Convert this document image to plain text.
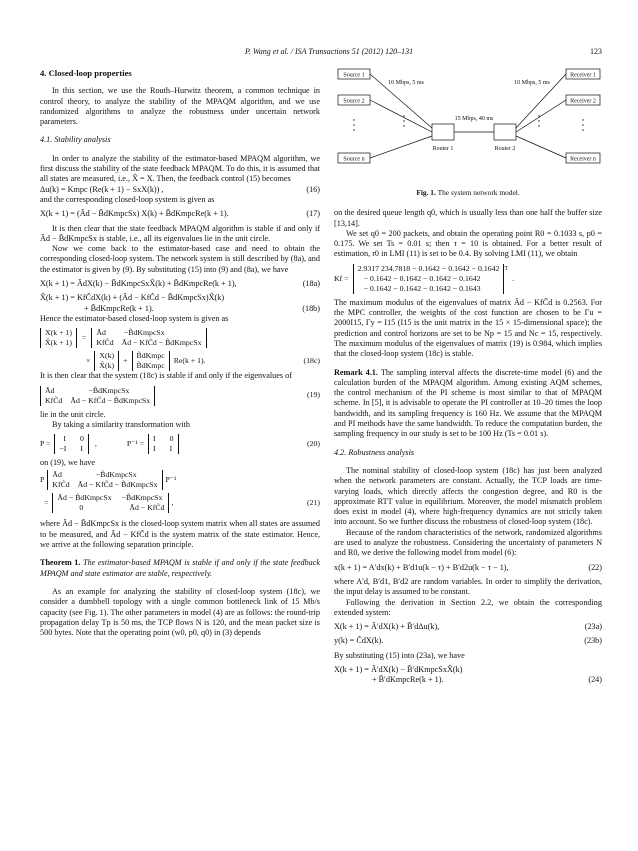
P. Wang et al. / ISA Transactions 51 (2012) 120–131	123
4. Closed-loop properties

In this section, we use the Routh–Hurwitz theorem, a common technique in control theory, to analyze the stability of the MPAQM algorithm, and we use randomized algorithms to analyze the robustness under uncertain network parameters.

4.1. Stability analysis

In order to analyze the stability of the estimator-based MPAQM algorithm, we first discuss the stability of the state feedback MPAQM. To do this, it is assumed that all states are measured, i.e., X̂ = X. Then, the feedback control (15) becomes

Δu(k) = Kmpc (Re(k + 1) − SxX(k)) ,	(16)

and the corresponding closed-loop system is given as

X(k + 1) = (Ãd − B̃dKmpcSx) X(k) + B̃dKmpcRe(k + 1).	(17)

It is then clear that the state feedback MPAQM algorithm is stable if and only if Ãd − B̃dKmpcSx is stable, i.e., all its eigenvalues lie in the unit circle.

Now we come back to the estimator-based case and need to obtain the corresponding closed-loop system. The network system is still described by (8a), and the estimator is given by (9). By substituting (15) into (9) and (8a), we have

X(k + 1) = ÃdX(k) − B̃dKmpcSxX̂(k) + B̃dKmpcRe(k + 1),	(18a)
X̂(k + 1) = KfC̃dX(k) + (Ãd − KfC̃d − B̃dKmpcSx)X̂(k)
+ B̃dKmpcRe(k + 1).	(18b)

Hence the estimator-based closed-loop system is given as

X(k + 1)
X̂(k + 1)
=
Ãd −B̃dKmpcSx
KfC̃d Ãd − KfC̃d − B̃dKmpcSx
×
X(k)
X̂(k)
+
B̃dKmpc
B̃dKmpc
Re(k + 1).	(18c)

It is then clear that the system (18c) is stable if and only if the eigenvalues of

Ãd	−B̃dKmpcSx
KfC̃d Ãd − KfC̃d − B̃dKmpcSx
(19)

lie in the unit circle.

By taking a similarity transformation with

P =
I 0
−I I
,	P⁻¹ =
I 0
I I
(20)

on (19), we have

P
Ãd	−B̃dKmpcSx
KfC̃d Ãd − KfC̃d − B̃dKmpcSx
P⁻¹
=
Ãd − B̃dKmpcSx −B̃dKmpcSx
0	Ãd − KfC̃d
,	(21)

where Ãd − B̃dKmpcSx is the closed-loop system matrix when all states are assumed to be measured, and Ãd − KfC̃d is the system matrix of the state estimator. Hence, we arrive at the following separation principle.

Theorem 1. The estimator-based MPAQM is stable if and only if the state feedback MPAQM and state estimator are stable, respectively.

As an example for analyzing the stability of closed-loop system (18c), we consider a dumbbell topology with a single common bottleneck link of 15 Mb/s capacity (see Fig. 1). The other parameters in model (4) are as follows: the round-trip propagation delay Tp is 50 ms, the TCP flows N is 120, and the mean packet size is 500 bytes. Note that the operating point (w0, p0, q0) in (3) depends

Source 1
Source 2
Source n
Receiver 1
Receiver 2
Receiver n
Router 1	Router 2
10 Mbps, 5 ms	10 Mbps, 5 ms
15 Mbps, 40 ms
Fig. 1. The system network model.

on the desired queue length q0, which is usually less than one half the buffer size [13,14].

We set q0 = 200 packets, and obtain the operating point R0 = 0.1033 s, p0 = 0.175. We set Ts = 0.01 s; then τ = 10 is obtained. For a better result of estimation, r0 in LMI (11) is set to be 0.4. By solving LMI (11), we obtain

Kf =
2.9317 234.7818 − 0.1642 − 0.1642 − 0.1642
− 0.1642 − 0.1642 − 0.1642 − 0.1642
− 0.1642 − 0.1642 − 0.1642 − 0.1643
$^T$
.

The maximum modulus of the eigenvalues of matrix Ãd − KfC̃d is 0.2563. For the MPC controller, the weights of the cost function are chosen to be Γu = 2000I15, Γy = I15 (I15 is the unit matrix in the 15 × 15-dimensional space); the prediction and control horizons are set to be Np = 15 and Nc = 15, respectively. The maximum modulus of the eigenvalues of matrix (19) is 0.984, which implies that the closed-loop system (18c) is stable.

Remark 4.1. The sampling interval affects the discrete-time model (6) and the calculation burden of the MPAQM algorithm. Among existing AQM schemes, the control mechanism of the PI scheme is most similar to that of MPAQM scheme. In [5], it is advisable to operate the PI controller at 10–20 times the loop bandwidth, and its sampling frequency is 160 Hz. We assume that the MPAQM and PI methods have the same bandwidth. To reduce the computation burden, the sampling frequency in our study is set to be 100 Hz (Ts = 0.01 s).

4.2. Robustness analysis

The nominal stability of closed-loop system (18c) has just been analyzed when the network parameters are constant. Actually, the TCP loads are time-varying loads, which directly affects the congestion degree, and R0 is the approximate RTT value in equilibrium. Moreover, the model mismatch problem does exist in model (4), where high-frequency dynamics are not strictly taken into account. So we further discuss the robustness of closed-loop system (18c).

Because of the random characteristics of the network, randomized algorithms are used to analyze the robustness. Considering the uncertainty of parameters N and R0, we derive the following model from model (6):

x(k + 1) = A′dx(k) + B′d1u(k − τ) + B′d2u(k − τ − 1),	(22)

where A′d, B′d1, B′d2 are random variables. In order to simplify the derivation, the input delay is assumed to be constant.

Following the derivation in Section 2.2, we obtain the corresponding extended system:

X(k + 1) = Ã′dX(k) + B̃′dΔu(k),	(23a)
y(k) = C̃dX(k).	(23b)

By substituting (15) into (23a), we have

X(k + 1) = Ã′dX(k) − B̃′dKmpcSxX̂(k)
+ B̃′dKmpcRe(k + 1).	(24)
